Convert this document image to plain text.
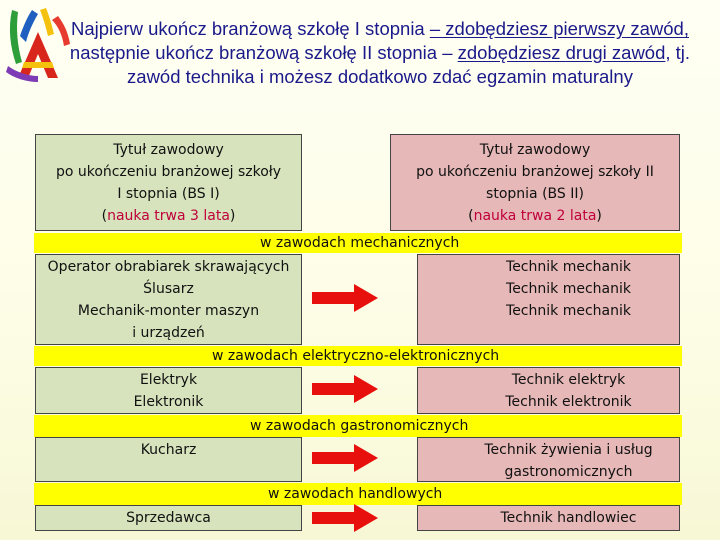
Najpierw ukończ branżową szkołę I stopnia – zdobędziesz pierwszy zawód, następnie ukończ branżową szkołę II stopnia – zdobędziesz drugi zawód, tj. zawód technika i możesz dodatkowo zdać egzamin maturalny
Tytuł zawodowy
po ukończeniu branżowej szkoły
I stopnia (BS I)
(nauka trwa 3 lata)
Tytuł zawodowy
po ukończeniu branżowej szkoły II
stopnia (BS II)
(nauka trwa 2 lata)
w zawodach mechanicznych
Operator obrabiarek skrawających
Ślusarz
Mechanik-monter maszyn
i urządzeń
Technik mechanik
Technik mechanik
Technik mechanik
w zawodach elektryczno-elektronicznych
Elektryk
Elektronik
Technik elektryk
Technik elektronik
w zawodach gastronomicznych
Kucharz	Technik żywienia i usług
gastronomicznych
w zawodach handlowych
Sprzedawca	Technik handlowiec
